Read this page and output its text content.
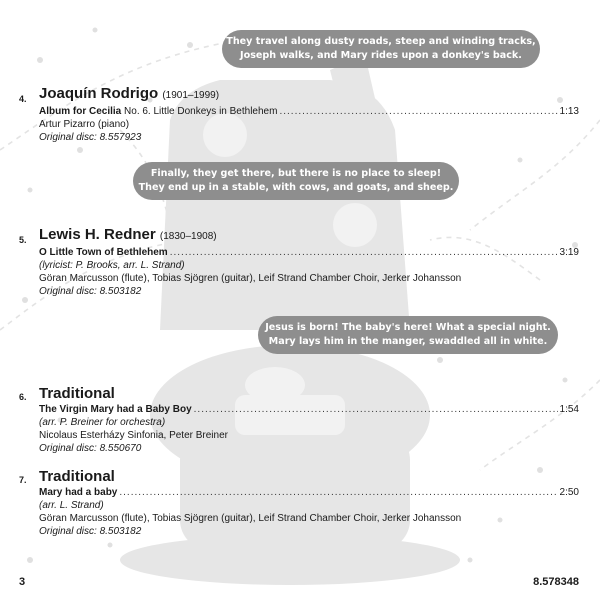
They travel along dusty roads, steep and winding tracks,
Joseph walks, and Mary rides upon a donkey's back.
Finally, they get there, but there is no place to sleep!
They end up in a stable, with cows, and goats, and sheep.
Jesus is born! The baby's here! What a special night.
Mary lays him in the manger, swaddled all in white.
4. Joaquín Rodrigo (1901–1999)
Album for Cecilia
No. 6. Little Donkeys in Bethlehem .....	1:13
Artur Pizarro (piano)
Original disc: 8.557923
5. Lewis H. Redner (1830–1908)
O Little Town of Bethlehem .....	3:19
(lyricist: P. Brooks, arr. L. Strand)
Göran Marcusson (flute), Tobias Sjögren (guitar), Leif Strand Chamber Choir, Jerker Johansson
Original disc: 8.503182
6. Traditional
The Virgin Mary had a Baby Boy .....	1:54
(arr. P. Breiner for orchestra)
Nicolaus Esterházy Sinfonia, Peter Breiner
Original disc: 8.550670
7. Traditional
Mary had a baby .....	2:50
(arr. L. Strand)
Göran Marcusson (flute), Tobias Sjögren (guitar), Leif Strand Chamber Choir, Jerker Johansson
Original disc: 8.503182
3	8.578348
